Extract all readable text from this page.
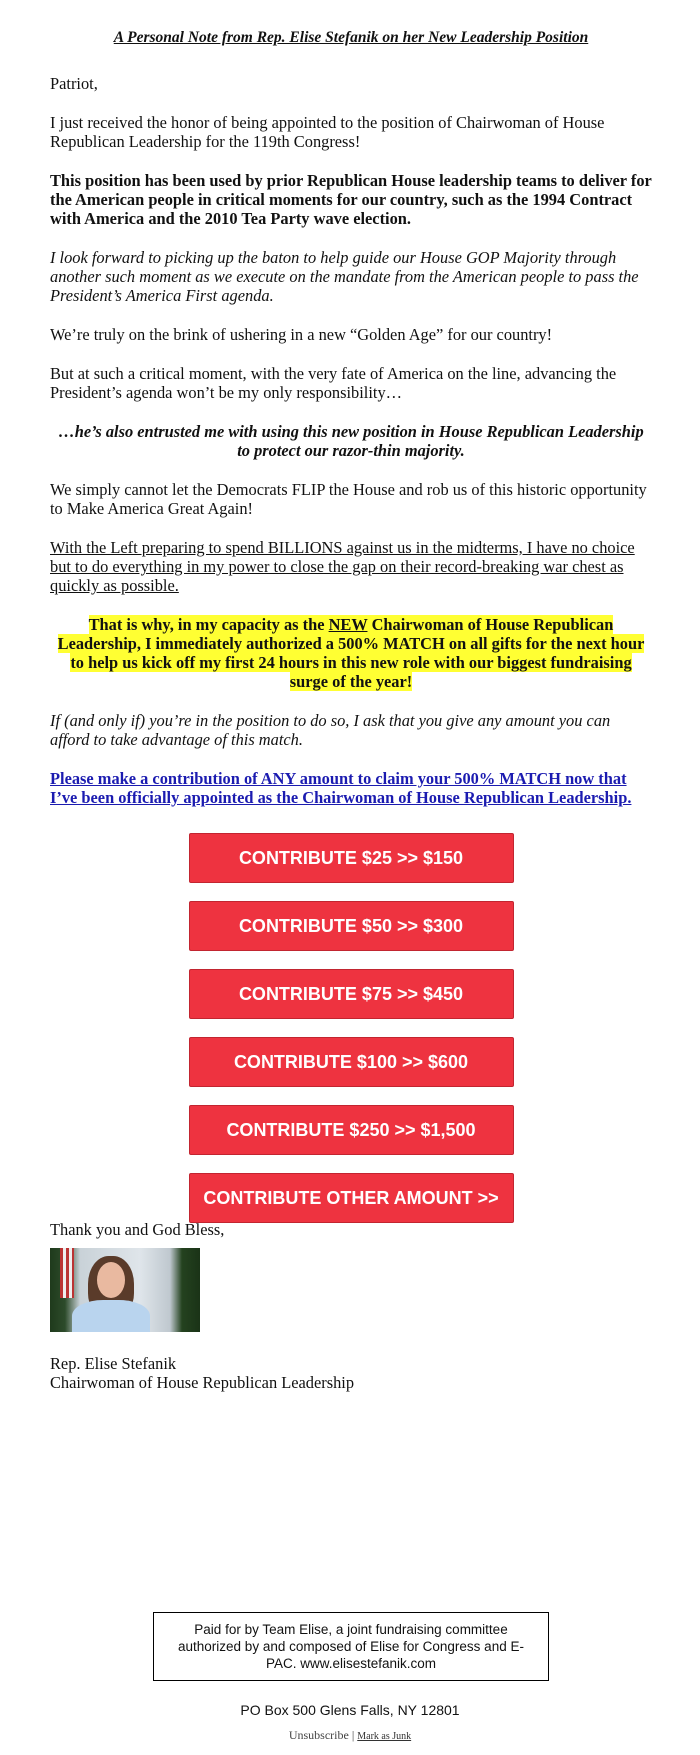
A Personal Note from Rep. Elise Stefanik on her New Leadership Position

Patriot,

I just received the honor of being appointed to the position of Chairwoman of House Republican Leadership for the 119th Congress!

This position has been used by prior Republican House leadership teams to deliver for the American people in critical moments for our country, such as the 1994 Contract with America and the 2010 Tea Party wave election.

I look forward to picking up the baton to help guide our House GOP Majority through another such moment as we execute on the mandate from the American people to pass the President’s America First agenda.

We’re truly on the brink of ushering in a new “Golden Age” for our country!

But at such a critical moment, with the very fate of America on the line, advancing the President’s agenda won’t be my only responsibility…

…he’s also entrusted me with using this new position in House Republican Leadership to protect our razor-thin majority.

We simply cannot let the Democrats FLIP the House and rob us of this historic opportunity to Make America Great Again!

With the Left preparing to spend BILLIONS against us in the midterms, I have no choice but to do everything in my power to close the gap on their record-breaking war chest as quickly as possible.

That is why, in my capacity as the NEW Chairwoman of House Republican Leadership, I immediately authorized a 500% MATCH on all gifts for the next hour to help us kick off my first 24 hours in this new role with our biggest fundraising surge of the year!

If (and only if) you’re in the position to do so, I ask that you give any amount you can afford to take advantage of this match.

Please make a contribution of ANY amount to claim your 500% MATCH now that I’ve been officially appointed as the Chairwoman of House Republican Leadership.

CONTRIBUTE $25 >> $150
CONTRIBUTE $50 >> $300
CONTRIBUTE $75 >> $450
CONTRIBUTE $100 >> $600
CONTRIBUTE $250 >> $1,500
CONTRIBUTE OTHER AMOUNT >>
Thank you and God Bless,
Rep. Elise Stefanik
Chairwoman of House Republican Leadership
Paid for by Team Elise, a joint fundraising committee authorized by and composed of Elise for Congress and E-PAC. www.elisestefanik.com
PO Box 500 Glens Falls, NY 12801
Unsubscribe | Mark as Junk
